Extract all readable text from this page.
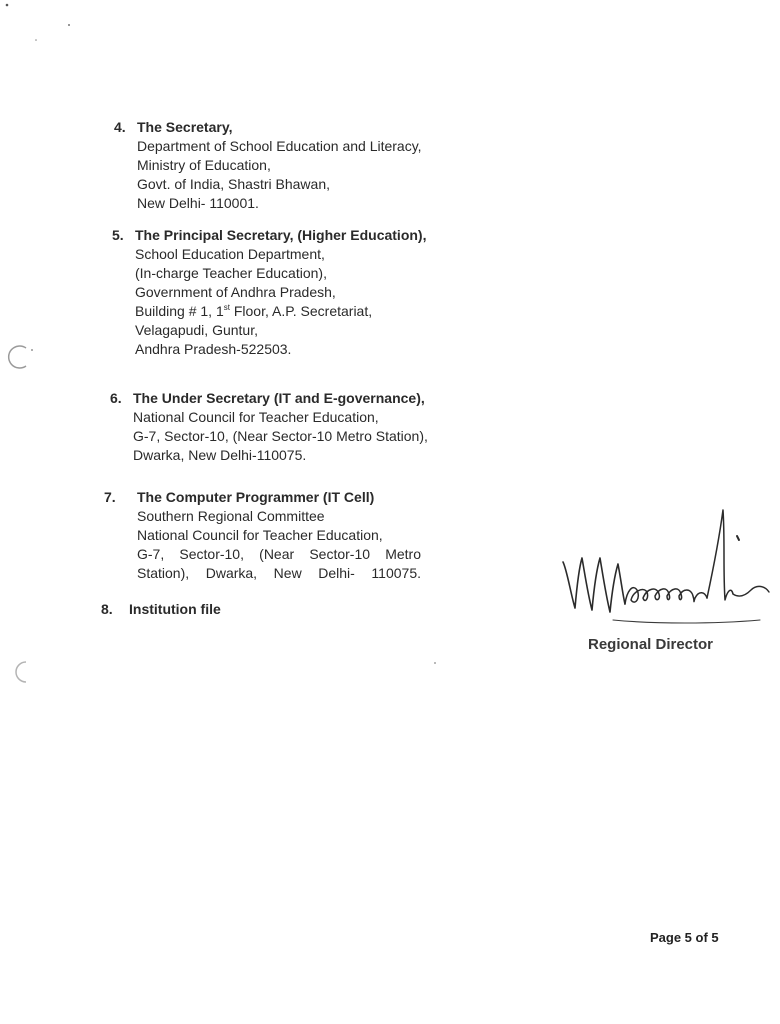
4. The Secretary,
Department of School Education and Literacy,
Ministry of Education,
Govt. of India, Shastri Bhawan,
New Delhi- 110001.
5. The Principal Secretary, (Higher Education),
School Education Department,
(In-charge Teacher Education),
Government of Andhra Pradesh,
Building # 1, 1st Floor, A.P. Secretariat,
Velagapudi, Guntur,
Andhra Pradesh-522503.
6. The Under Secretary (IT and E-governance),
National Council for Teacher Education,
G-7, Sector-10, (Near Sector-10 Metro Station),
Dwarka, New Delhi-110075.
7. The Computer Programmer (IT Cell)
Southern Regional Committee
National Council for Teacher Education,
G-7, Sector-10, (Near Sector-10 Metro
Station), Dwarka, New Delhi- 110075.
8. Institution file
Regional Director
Page 5 of 5
